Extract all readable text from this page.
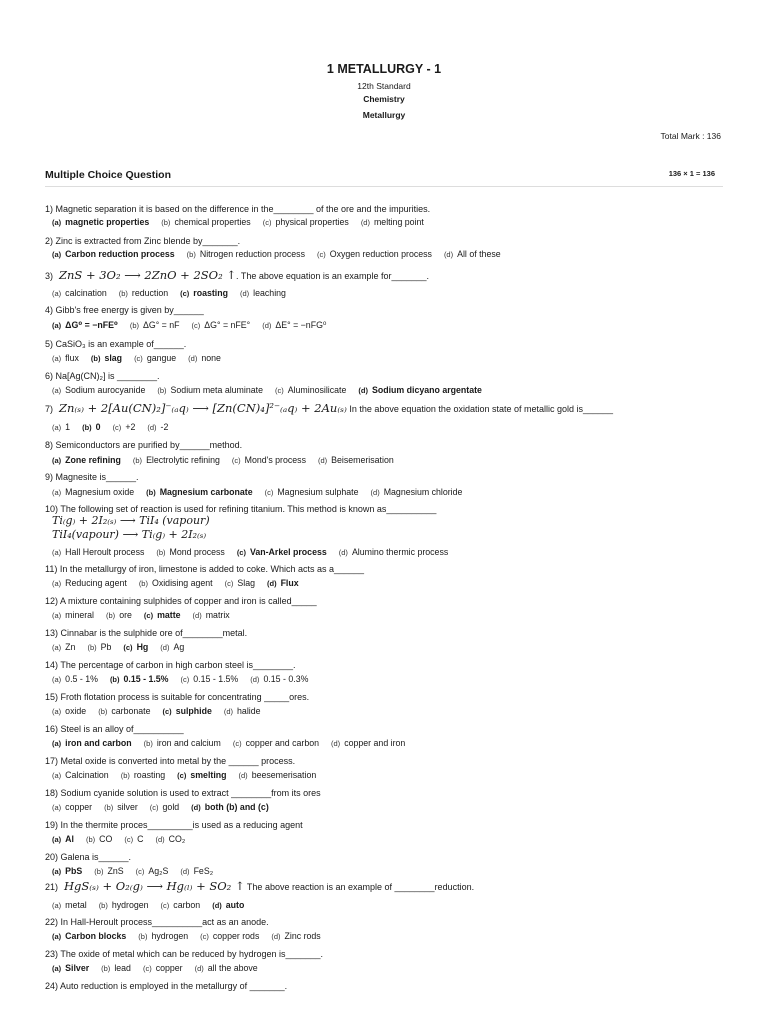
1 METALLURGY - 1
12th Standard
Chemistry
Metallurgy
Total Mark : 136
Multiple Choice Question	136 × 1 = 136
1) Magnetic separation it is based on the difference in the________ of the ore and the impurities.
(a) magnetic properties (b) chemical properties (c) physical properties (d) melting point
2) Zinc is extracted from Zinc blende by_______.
(a) Carbon reduction process (b) Nitrogen reduction process (c) Oxygen reduction process (d) All of these
3) ZnS + 3O₂ ⟶ 2ZnO + 2SO₂ ↑. The above equation is an example for_______.
(a) calcination (b) reduction (c) roasting (d) leaching
4) Gibb's free energy is given by______
(a) ΔG⁰ = −nFE⁰ (b) ΔG° = nF (c) ΔG° = nFE° (d) ΔE° = −nFG⁰
5) CaSiO₃ is an example of______.
(a) flux (b) slag (c) gangue (d) none
6) Na[Ag(CN)₂] is ________.
(a) Sodium aurocyanide (b) Sodium meta aluminate (c) Aluminosilicate (d) Sodium dicyano argentate
7) Zn₍ₛ₎ + 2[Au(CN)₂]⁻₍ₐq₎ ⟶ [Zn(CN)₄]²⁻₍ₐq₎ + 2Au₍ₛ₎ In the above equation the oxidation state of metallic gold is______
(a) 1 (b) 0 (c) +2 (d) -2
8) Semiconductors are purified by______method.
(a) Zone refining (b) Electrolytic refining (c) Mond's process (d) Beisemerisation
9) Magnesite is______.
(a) Magnesium oxide (b) Magnesium carbonate (c) Magnesium sulphate (d) Magnesium chloride
10) The following set of reaction is used for refining titanium. This method is known as__________
Ti₍g₎ + 2I₂₍ₛ₎ ⟶ TiI₄ (vapour)
TiI₄(vapour) ⟶ Ti₍g₎ + 2I₂₍ₛ₎
(a) Hall Heroult process (b) Mond process (c) Van-Arkel process (d) Alumino thermic process
11) In the metallurgy of iron, limestone is added to coke. Which acts as a______
(a) Reducing agent (b) Oxidising agent (c) Slag (d) Flux
12) A mixture containing sulphides of copper and iron is called_____
(a) mineral (b) ore (c) matte (d) matrix
13) Cinnabar is the sulphide ore of________metal.
(a) Zn (b) Pb (c) Hg (d) Ag
14) The percentage of carbon in high carbon steel is________.
(a) 0.5 - 1% (b) 0.15 - 1.5% (c) 0.15 - 1.5% (d) 0.15 - 0.3%
15) Froth flotation process is suitable for concentrating _____ores.
(a) oxide (b) carbonate (c) sulphide (d) halide
16) Steel is an alloy of__________
(a) iron and carbon (b) iron and calcium (c) copper and carbon (d) copper and iron
17) Metal oxide is converted into metal by the ______ process.
(a) Calcination (b) roasting (c) smelting (d) beesemerisation
18) Sodium cyanide solution is used to extract ________from its ores
(a) copper (b) silver (c) gold (d) both (b) and (c)
19) In the thermite proces_________is used as a reducing agent
(a) Al (b) CO (c) C (d) CO₂
20) Galena is______.
(a) PbS (b) ZnS (c) Ag₂S (d) FeS₂
21) HgS₍ₛ₎ + O₂₍g₎ ⟶ Hg₍ₗ₎ + SO₂ ↑ The above reaction is an example of ________reduction.
(a) metal (b) hydrogen (c) carbon (d) auto
22) In Hall-Heroult process__________act as an anode.
(a) Carbon blocks (b) hydrogen (c) copper rods (d) Zinc rods
23) The oxide of metal which can be reduced by hydrogen is_______.
(a) Silver (b) lead (c) copper (d) all the above
24) Auto reduction is employed in the metallurgy of _______.
